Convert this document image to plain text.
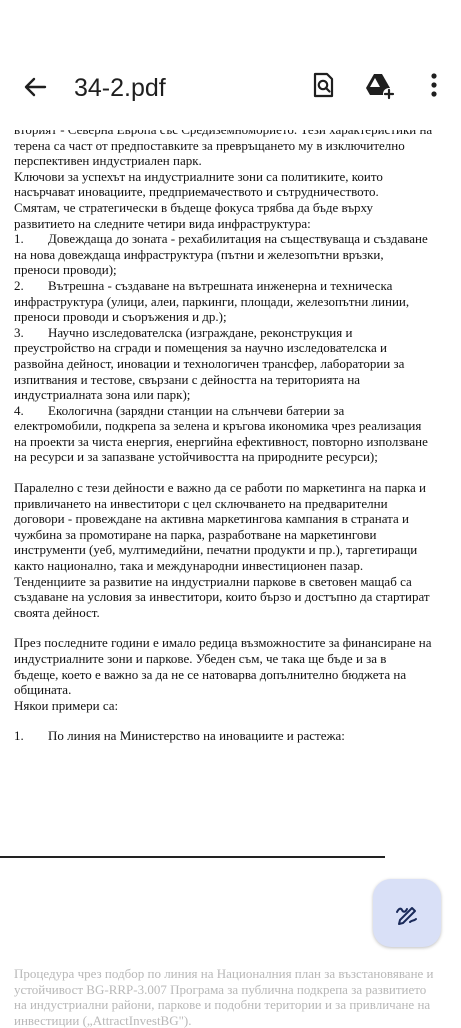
34-2.pdf

терена са част от предпоставките за превръщането му в изключително

перспективен индустриален парк.

Ключови за успехът на индустриалните зони са политиките, които

насърчават иновациите, предприемачеството и сътрудничеството.

Смятам, че стратегически в бъдеще фокуса трябва да бъде върху

развитието на следните четири вида инфраструктура:

1. Довеждаща до зоната - рехабилитация на съществуваща и създаване

на нова довеждаща инфраструктура (пътни и железопътни връзки,

преноси проводи);

2. Вътрешна - създаване на вътрешната инженерна и техническа

инфраструктура (улици, алеи, паркинги, площади, железопътни линии,

преноси проводи и съоръжения и др.);

3. Научно изследователска (изграждане, реконструкция и

преустройство на сгради и помещения за научно изследователска и

развойна дейност, иновации и технологичен трансфер, лаборатории за

изпитвания и тестове, свързани с дейността на територията на

индустриалната зона или парк);

4. Екологична (зарядни станции на слънчеви батерии за

електромобили, подкрепа за зелена и кръгова икономика чрез реализация

на проекти за чиста енергия, енергийна ефективност, повторно използване

на ресурси и за запазване устойчивостта на природните ресурси);

Паралелно с тези дейности е важно да се работи по маркетинга на парка и

привличането на инвеститори с цел сключването на предварителни

договори - провеждане на активна маркетингова кампания в страната и

чужбина за промотиране на парка, разработване на маркетингови

инструменти (уеб, мултимедийни, печатни продукти и пр.), таргетиращи

както национално, така и международни инвестиционен пазар.

Тенденциите за развитие на индустриални паркове в световен мащаб са

създаване на условия за инвеститори, които бързо и достъпно да стартират

своята дейност.

През последните години е имало редица възможностите за финансиране на

индустриалните зони и паркове. Убеден съм, че така ще бъде и за в

бъдеще, което е важно за да не се натоварва допълнително бюджета на

общината.

Някои примери са:

1. По линия на Министерство на иновациите и растежа:

Процедура чрез подбор по линия на Националния план за възстановяване и

устойчивост BG-RRP-3.007 Програма за публична подкрепа за развитието

на индустриални райони, паркове и подобни територии и за привличане на

инвестиции („AttractInvestBG").
